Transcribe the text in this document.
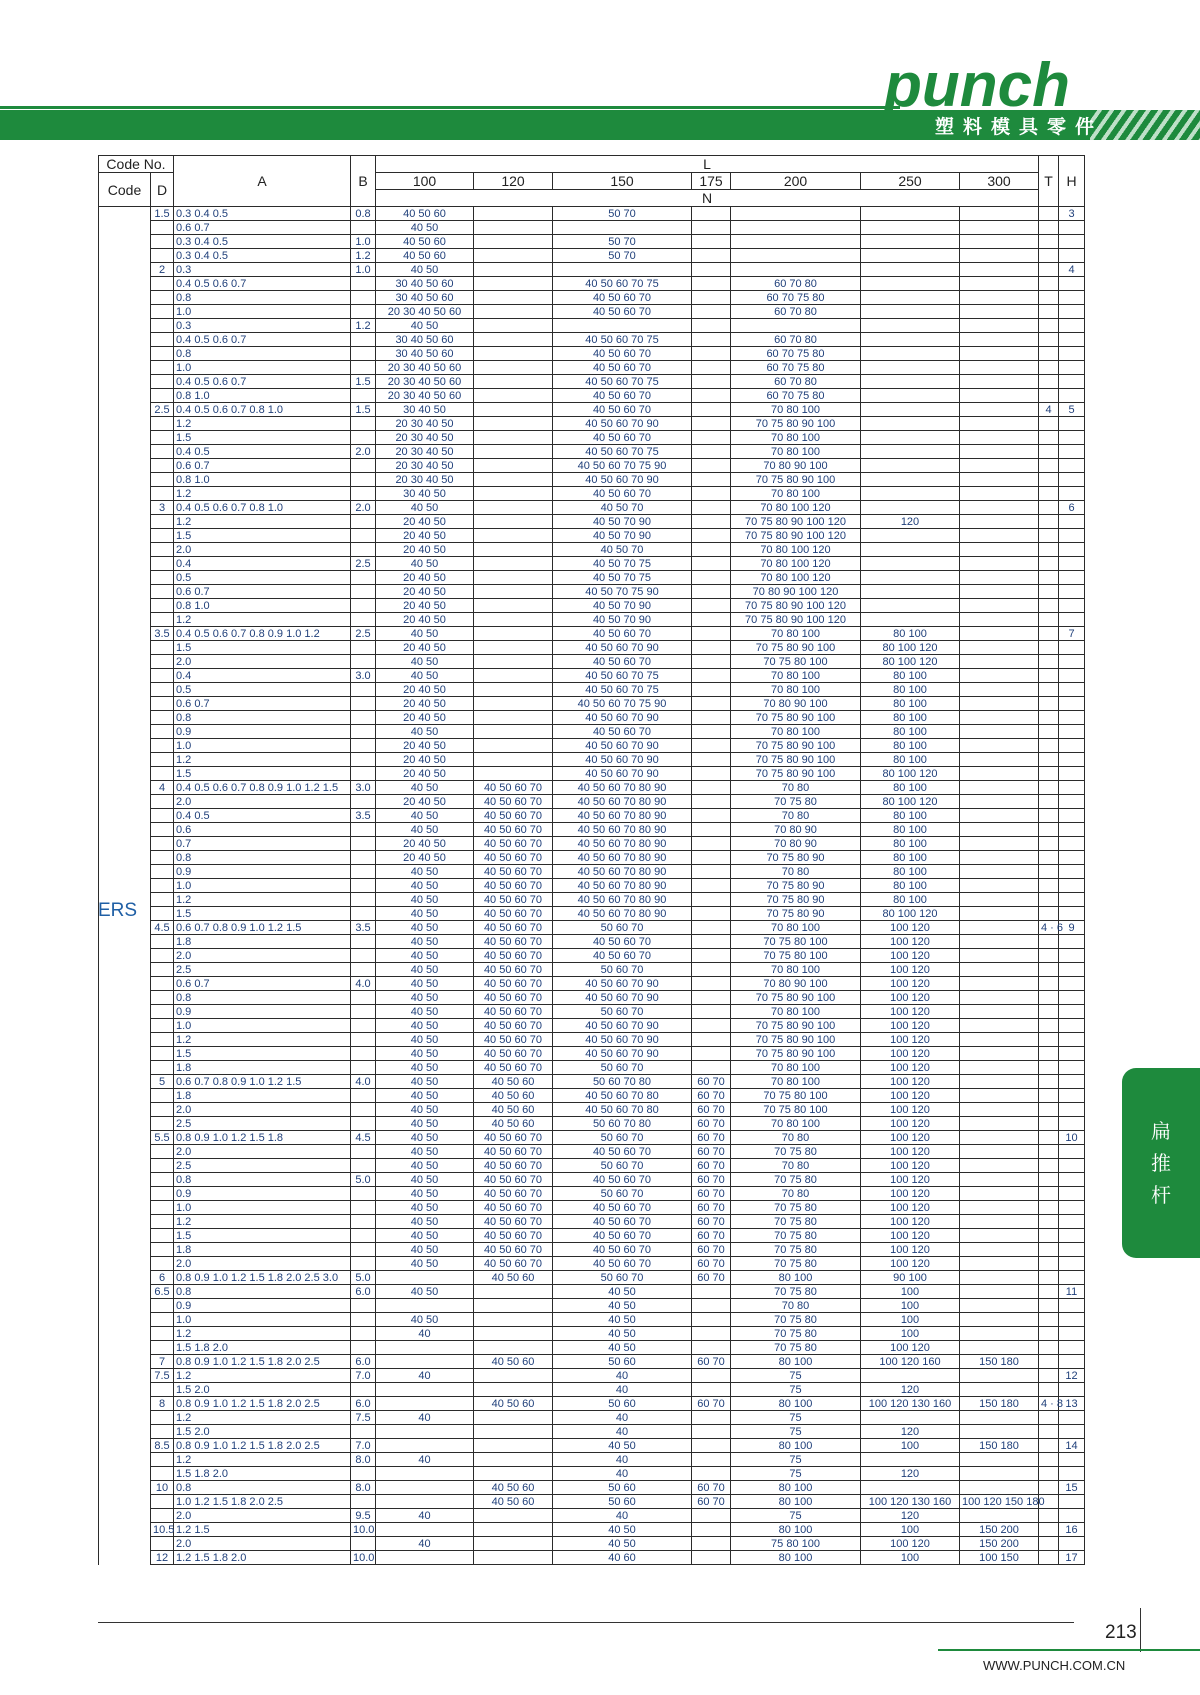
punch
塑料模具零件
Code No.		A	B	L							T	H
Code	D			100	120	150	175	200	250	300		
				N								
	1.5	0.3 0.4 0.5	0.8	40 50 60		50 70						3
		0.6 0.7		40 50								
		0.3 0.4 0.5	1.0	40 50 60		50 70						
		0.3 0.4 0.5	1.2	40 50 60		50 70						
	2	0.3	1.0	40 50								4
		0.4 0.5 0.6 0.7		30 40 50 60		40 50 60 70 75		60 70 80				
		0.8		30 40 50 60		40 50 60 70		60 70 75 80				
		1.0		20 30 40 50 60		40 50 60 70		60 70 80				
		0.3	1.2	40 50								
		0.4 0.5 0.6 0.7		30 40 50 60		40 50 60 70 75		60 70 80				
		0.8		30 40 50 60		40 50 60 70		60 70 75 80				
		1.0		20 30 40 50 60		40 50 60 70		60 70 75 80				
		0.4 0.5 0.6 0.7	1.5	20 30 40 50 60		40 50 60 70 75		60 70 80				
		0.8 1.0		20 30 40 50 60		40 50 60 70		60 70 75 80				
	2.5	0.4 0.5 0.6 0.7 0.8 1.0	1.5	30 40 50		40 50 60 70		70 80 100			4	5
		1.2		20 30 40 50		40 50 60 70 90		70 75 80 90 100				
		1.5		20 30 40 50		40 50 60 70		70 80 100				
		0.4 0.5	2.0	20 30 40 50		40 50 60 70 75		70 80 100				
		0.6 0.7		20 30 40 50		40 50 60 70 75 90		70 80 90 100				
		0.8 1.0		20 30 40 50		40 50 60 70 90		70 75 80 90 100				
		1.2		30 40 50		40 50 60 70		70 80 100				
	3	0.4 0.5 0.6 0.7 0.8 1.0	2.0	40 50		40 50 70		70 80 100 120				6
		1.2		20 40 50		40 50 70 90		70 75 80 90 100 120	120			
		1.5		20 40 50		40 50 70 90		70 75 80 90 100 120				
		2.0		20 40 50		40 50 70		70 80 100 120				
		0.4	2.5	40 50		40 50 70 75		70 80 100 120				
		0.5		20 40 50		40 50 70 75		70 80 100 120				
		0.6 0.7		20 40 50		40 50 70 75 90		70 80 90 100 120				
		0.8 1.0		20 40 50		40 50 70 90		70 75 80 90 100 120				
		1.2		20 40 50		40 50 70 90		70 75 80 90 100 120				
	3.5	0.4 0.5 0.6 0.7 0.8 0.9 1.0 1.2	2.5	40 50		40 50 60 70		70 80 100	80 100			7
		1.5		20 40 50		40 50 60 70 90		70 75 80 90 100	80 100 120			
		2.0		40 50		40 50 60 70		70 75 80 100	80 100 120			
		0.4	3.0	40 50		40 50 60 70 75		70 80 100	80 100			
		0.5		20 40 50		40 50 60 70 75		70 80 100	80 100			
		0.6 0.7		20 40 50		40 50 60 70 75 90		70 80 90 100	80 100			
		0.8		20 40 50		40 50 60 70 90		70 75 80 90 100	80 100			
		0.9		40 50		40 50 60 70		70 80 100	80 100			
		1.0		20 40 50		40 50 60 70 90		70 75 80 90 100	80 100			
		1.2		20 40 50		40 50 60 70 90		70 75 80 90 100	80 100			
		1.5		20 40 50		40 50 60 70 90		70 75 80 90 100	80 100 120			
	4	0.4 0.5 0.6 0.7 0.8 0.9 1.0 1.2 1.5	3.0	40 50	40 50 60 70	40 50 60 70 80 90		70 80	80 100			
		2.0		20 40 50	40 50 60 70	40 50 60 70 80 90		70 75 80	80 100 120			
		0.4 0.5	3.5	40 50	40 50 60 70	40 50 60 70 80 90		70 80	80 100			
		0.6		40 50	40 50 60 70	40 50 60 70 80 90		70 80 90	80 100			
		0.7		20 40 50	40 50 60 70	40 50 60 70 80 90		70 80 90	80 100			
		0.8		20 40 50	40 50 60 70	40 50 60 70 80 90		70 75 80 90	80 100			
		0.9		40 50	40 50 60 70	40 50 60 70 80 90		70 80	80 100			
		1.0		40 50	40 50 60 70	40 50 60 70 80 90		70 75 80 90	80 100			
		1.2		40 50	40 50 60 70	40 50 60 70 80 90		70 75 80 90	80 100			
		1.5		40 50	40 50 60 70	40 50 60 70 80 90		70 75 80 90	80 100 120			
	4.5	0.6 0.7 0.8 0.9 1.0 1.2 1.5	3.5	40 50	40 50 60 70	50 60 70		70 80 100	100 120		4 · 6	9
		1.8		40 50	40 50 60 70	40 50 60 70		70 75 80 100	100 120			
		2.0		40 50	40 50 60 70	40 50 60 70		70 75 80 100	100 120			
		2.5		40 50	40 50 60 70	50 60 70		70 80 100	100 120			
		0.6 0.7	4.0	40 50	40 50 60 70	40 50 60 70 90		70 80 90 100	100 120			
		0.8		40 50	40 50 60 70	40 50 60 70 90		70 75 80 90 100	100 120			
		0.9		40 50	40 50 60 70	50 60 70		70 80 100	100 120			
		1.0		40 50	40 50 60 70	40 50 60 70 90		70 75 80 90 100	100 120			
		1.2		40 50	40 50 60 70	40 50 60 70 90		70 75 80 90 100	100 120			
		1.5		40 50	40 50 60 70	40 50 60 70 90		70 75 80 90 100	100 120			
		1.8		40 50	40 50 60 70	50 60 70		70 80 100	100 120			
	5	0.6 0.7 0.8 0.9 1.0 1.2 1.5	4.0	40 50	40 50 60	50 60 70 80	60 70	70 80 100	100 120			
		1.8		40 50	40 50 60	40 50 60 70 80	60 70	70 75 80 100	100 120			
		2.0		40 50	40 50 60	40 50 60 70 80	60 70	70 75 80 100	100 120			
		2.5		40 50	40 50 60	50 60 70 80	60 70	70 80 100	100 120			
	5.5	0.8 0.9 1.0 1.2 1.5 1.8	4.5	40 50	40 50 60 70	50 60 70	60 70	70 80	100 120			10
		2.0		40 50	40 50 60 70	40 50 60 70	60 70	70 75 80	100 120			
		2.5		40 50	40 50 60 70	50 60 70	60 70	70 80	100 120			
		0.8	5.0	40 50	40 50 60 70	40 50 60 70	60 70	70 75 80	100 120			
		0.9		40 50	40 50 60 70	50 60 70	60 70	70 80	100 120			
		1.0		40 50	40 50 60 70	40 50 60 70	60 70	70 75 80	100 120			
		1.2		40 50	40 50 60 70	40 50 60 70	60 70	70 75 80	100 120			
		1.5		40 50	40 50 60 70	40 50 60 70	60 70	70 75 80	100 120			
		1.8		40 50	40 50 60 70	40 50 60 70	60 70	70 75 80	100 120			
		2.0		40 50	40 50 60 70	40 50 60 70	60 70	70 75 80	100 120			
	6	0.8 0.9 1.0 1.2 1.5 1.8 2.0 2.5 3.0	5.0		40 50 60	50 60 70	60 70	80 100	90 100			
	6.5	0.8	6.0	40 50		40 50		70 75 80	100			11
		0.9				40 50		70 80	100			
		1.0		40 50		40 50		70 75 80	100			
		1.2		40		40 50		70 75 80	100			
		1.5 1.8 2.0				40 50		70 75 80	100 120			
	7	0.8 0.9 1.0 1.2 1.5 1.8 2.0 2.5	6.0		40 50 60	50 60	60 70	80 100	100 120 160	150 180		
	7.5	1.2	7.0	40		40		75				12
		1.5 2.0				40		75	120			
	8	0.8 0.9 1.0 1.2 1.5 1.8 2.0 2.5	6.0		40 50 60	50 60	60 70	80 100	100 120 130 160	150 180	4 · 8	13
		1.2	7.5	40		40		75				
		1.5 2.0				40		75	120			
	8.5	0.8 0.9 1.0 1.2 1.5 1.8 2.0 2.5	7.0			40 50		80 100	100	150 180		14
		1.2	8.0	40		40		75				
		1.5 1.8 2.0				40		75	120			
	10	0.8	8.0		40 50 60	50 60	60 70	80 100				15
		1.0 1.2 1.5 1.8 2.0 2.5			40 50 60	50 60	60 70	80 100	100 120 130 160	100 120 150 180		
		2.0	9.5	40		40		75	120			
	10.5	1.2 1.5	10.0			40 50		80 100	100	150 200		16
		2.0		40		40 50		75 80 100	100 120	150 200		
	12	1.2 1.5 1.8 2.0	10.0			40 60		80 100	100	100 150		17
ERS
扁
推
杆
213
WWW.PUNCH.COM.CN
